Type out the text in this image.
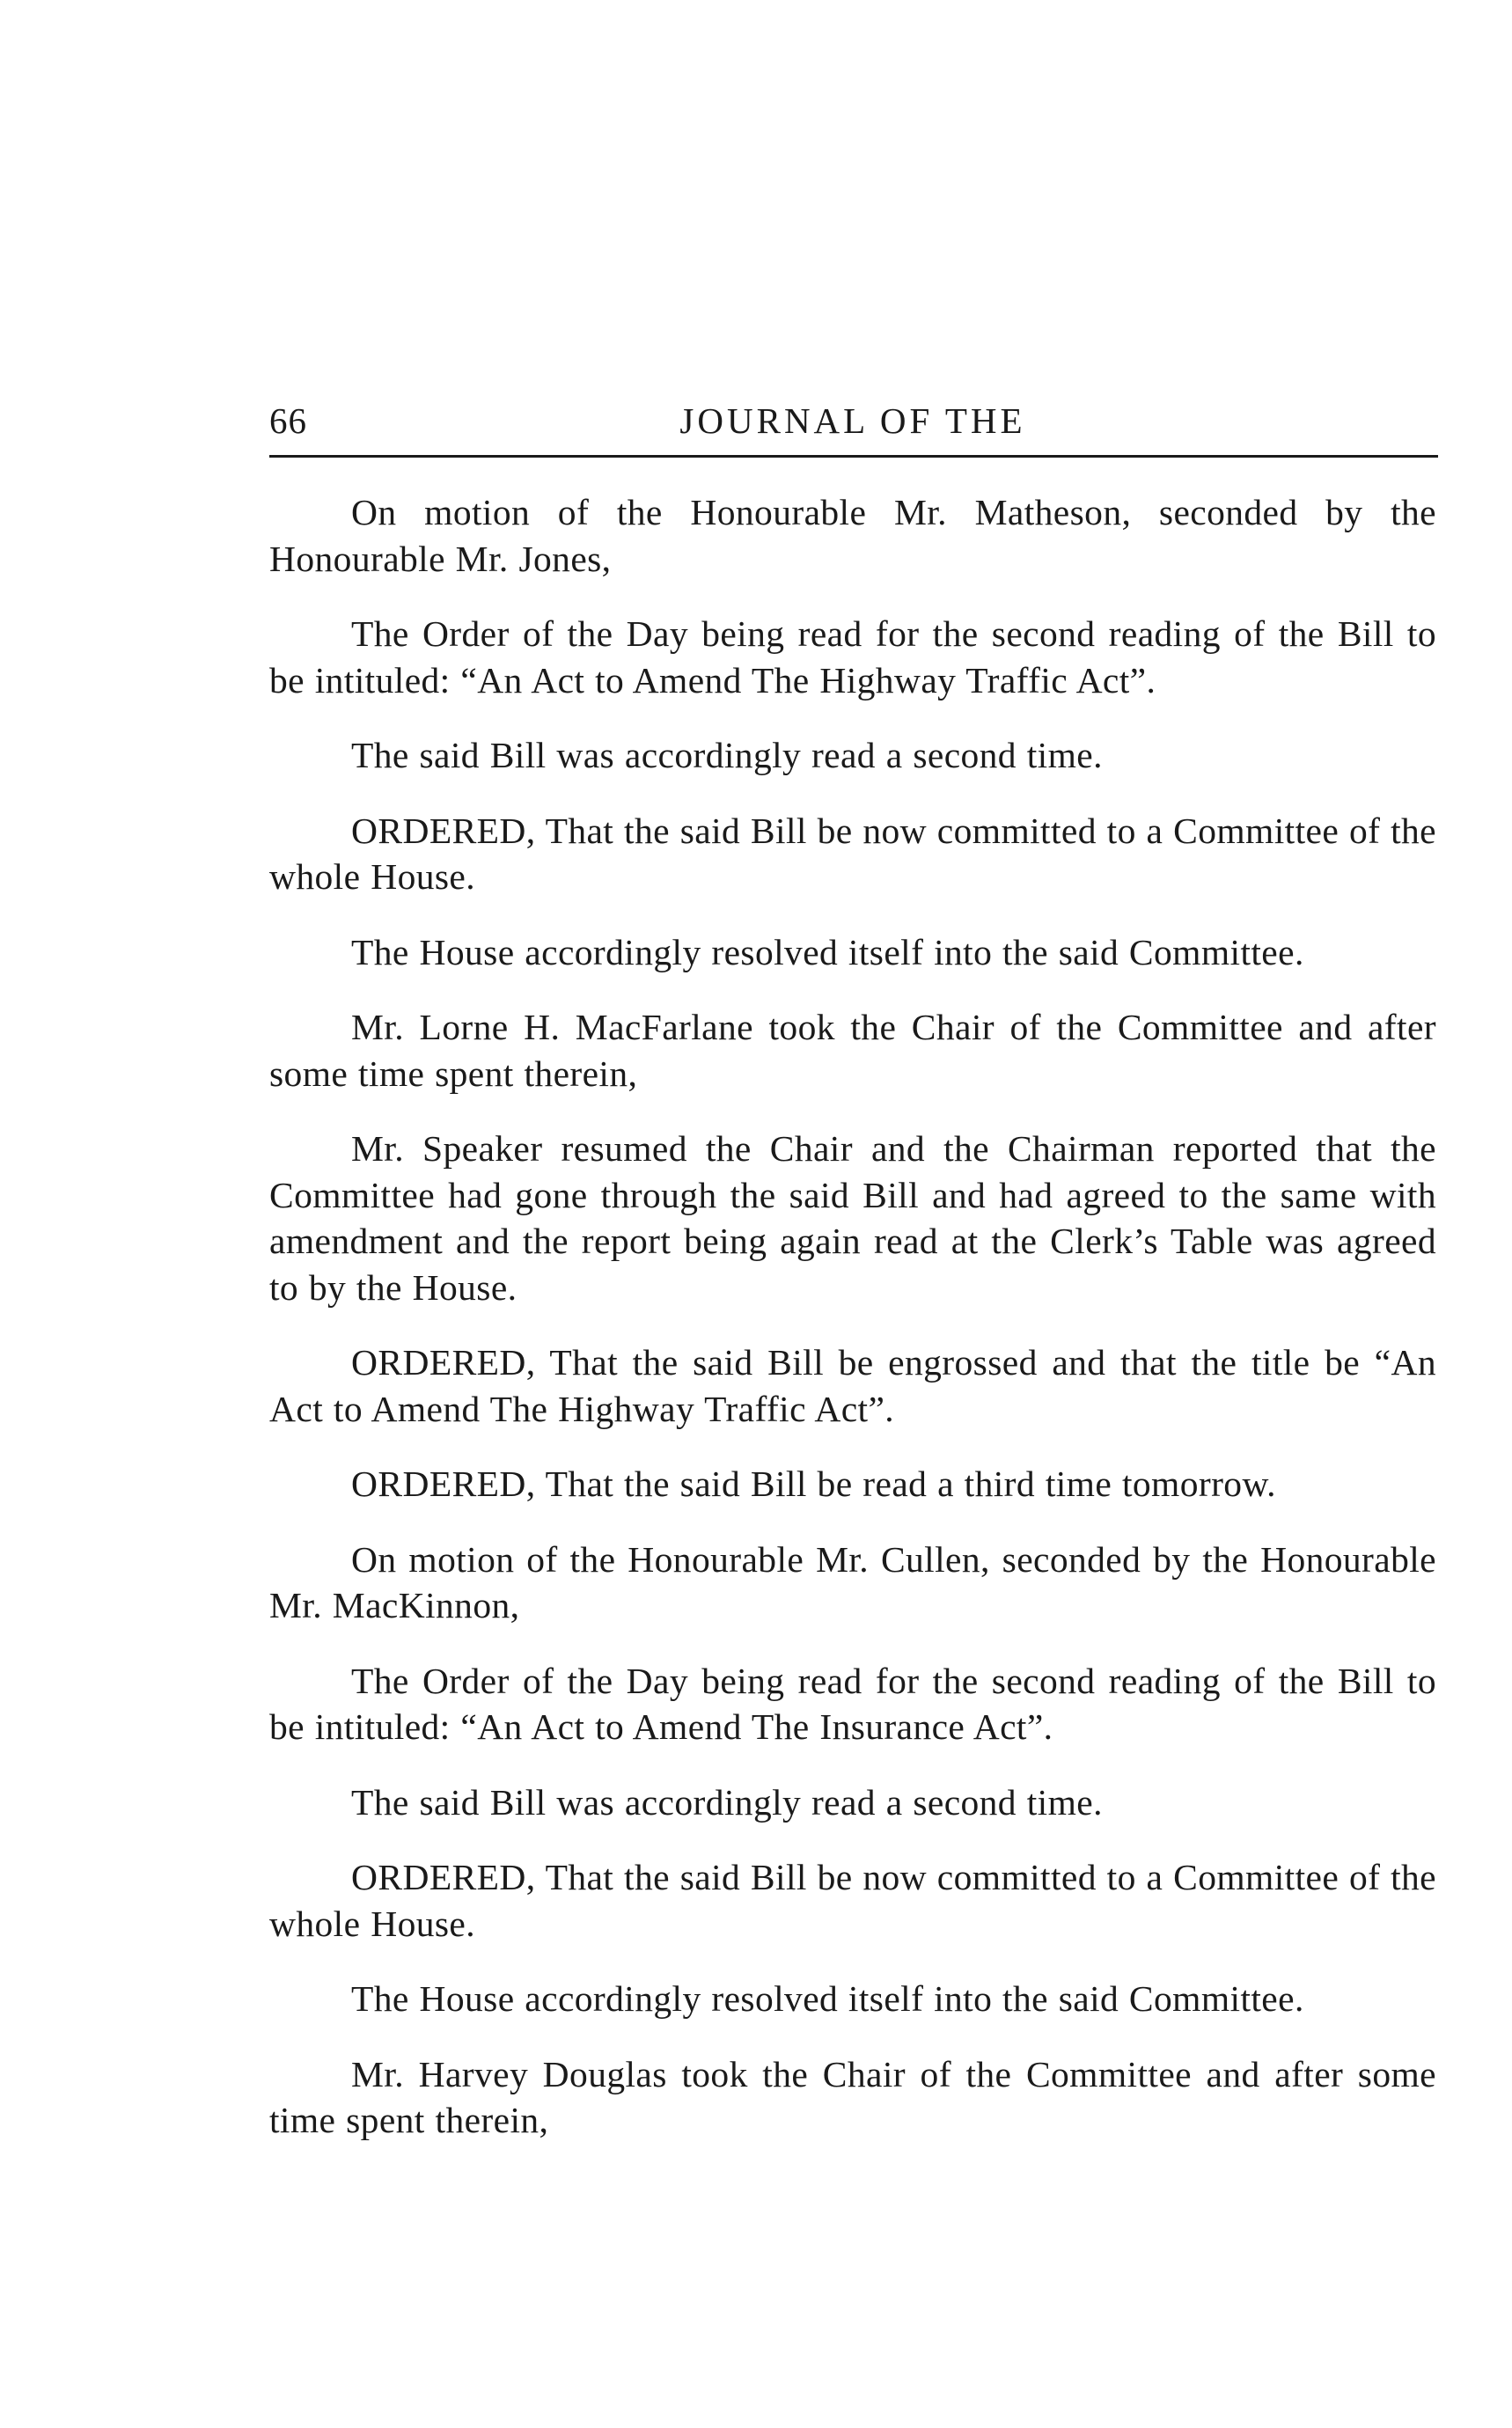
66	JOURNAL OF THE

On motion of the Honourable Mr. Matheson, seconded by the Honourable Mr. Jones,

The Order of the Day being read for the second reading of the Bill to be intituled: “An Act to Amend The Highway Traffic Act”.

The said Bill was accordingly read a second time.

ORDERED, That the said Bill be now committed to a Committee of the whole House.

The House accordingly resolved itself into the said Committee.

Mr. Lorne H. MacFarlane took the Chair of the Committee and after some time spent therein,

Mr. Speaker resumed the Chair and the Chairman reported that the Committee had gone through the said Bill and had agreed to the same with amendment and the report being again read at the Clerk’s Table was agreed to by the House.

ORDERED, That the said Bill be engrossed and that the title be “An Act to Amend The Highway Traffic Act”.

ORDERED, That the said Bill be read a third time tomorrow.

On motion of the Honourable Mr. Cullen, seconded by the Honourable Mr. MacKinnon,

The Order of the Day being read for the second reading of the Bill to be intituled: “An Act to Amend The Insurance Act”.

The said Bill was accordingly read a second time.

ORDERED, That the said Bill be now committed to a Committee of the whole House.

The House accordingly resolved itself into the said Committee.

Mr. Harvey Douglas took the Chair of the Committee and after some time spent therein,
